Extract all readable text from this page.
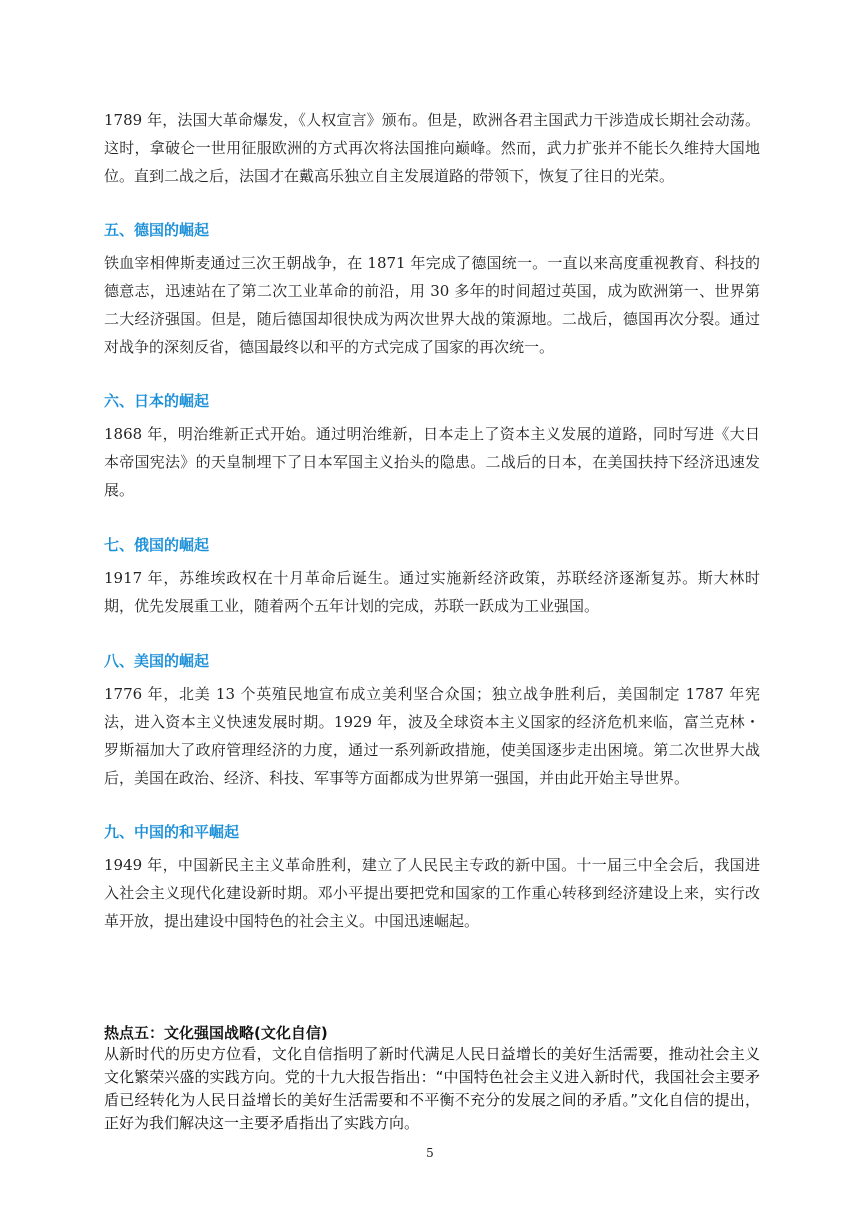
1789 年，法国大革命爆发，《人权宣言》颁布。但是，欧洲各君主国武力干涉造成长期社会动荡。这时，拿破仑一世用征服欧洲的方式再次将法国推向巅峰。然而，武力扩张并不能长久维持大国地位。直到二战之后，法国才在戴高乐独立自主发展道路的带领下，恢复了往日的光荣。

五、德国的崛起

铁血宰相俾斯麦通过三次王朝战争，在 1871 年完成了德国统一。一直以来高度重视教育、科技的德意志，迅速站在了第二次工业革命的前沿，用 30 多年的时间超过英国，成为欧洲第一、世界第二大经济强国。但是，随后德国却很快成为两次世界大战的策源地。二战后，德国再次分裂。通过对战争的深刻反省，德国最终以和平的方式完成了国家的再次统一。

六、日本的崛起

1868 年，明治维新正式开始。通过明治维新，日本走上了资本主义发展的道路，同时写进《大日本帝国宪法》的天皇制埋下了日本军国主义抬头的隐患。二战后的日本，在美国扶持下经济迅速发展。

七、俄国的崛起

1917 年，苏维埃政权在十月革命后诞生。通过实施新经济政策，苏联经济逐渐复苏。斯大林时期，优先发展重工业，随着两个五年计划的完成，苏联一跃成为工业强国。

八、美国的崛起

1776 年，北美 13 个英殖民地宣布成立美利坚合众国；独立战争胜利后，美国制定 1787 年宪法，进入资本主义快速发展时期。1929 年，波及全球资本主义国家的经济危机来临，富兰克林・罗斯福加大了政府管理经济的力度，通过一系列新政措施，使美国逐步走出困境。第二次世界大战后，美国在政治、经济、科技、军事等方面都成为世界第一强国，并由此开始主导世界。

九、中国的和平崛起

1949 年，中国新民主主义革命胜利，建立了人民民主专政的新中国。十一届三中全会后，我国进入社会主义现代化建设新时期。邓小平提出要把党和国家的工作重心转移到经济建设上来，实行改革开放，提出建设中国特色的社会主义。中国迅速崛起。

热点五：文化强国战略(文化自信)

从新时代的历史方位看，文化自信指明了新时代满足人民日益增长的美好生活需要，推动社会主义文化繁荣兴盛的实践方向。党的十九大报告指出：“中国特色社会主义进入新时代，我国社会主要矛盾已经转化为人民日益增长的美好生活需要和不平衡不充分的发展之间的矛盾。”文化自信的提出，正好为我们解决这一主要矛盾指出了实践方向。

5
